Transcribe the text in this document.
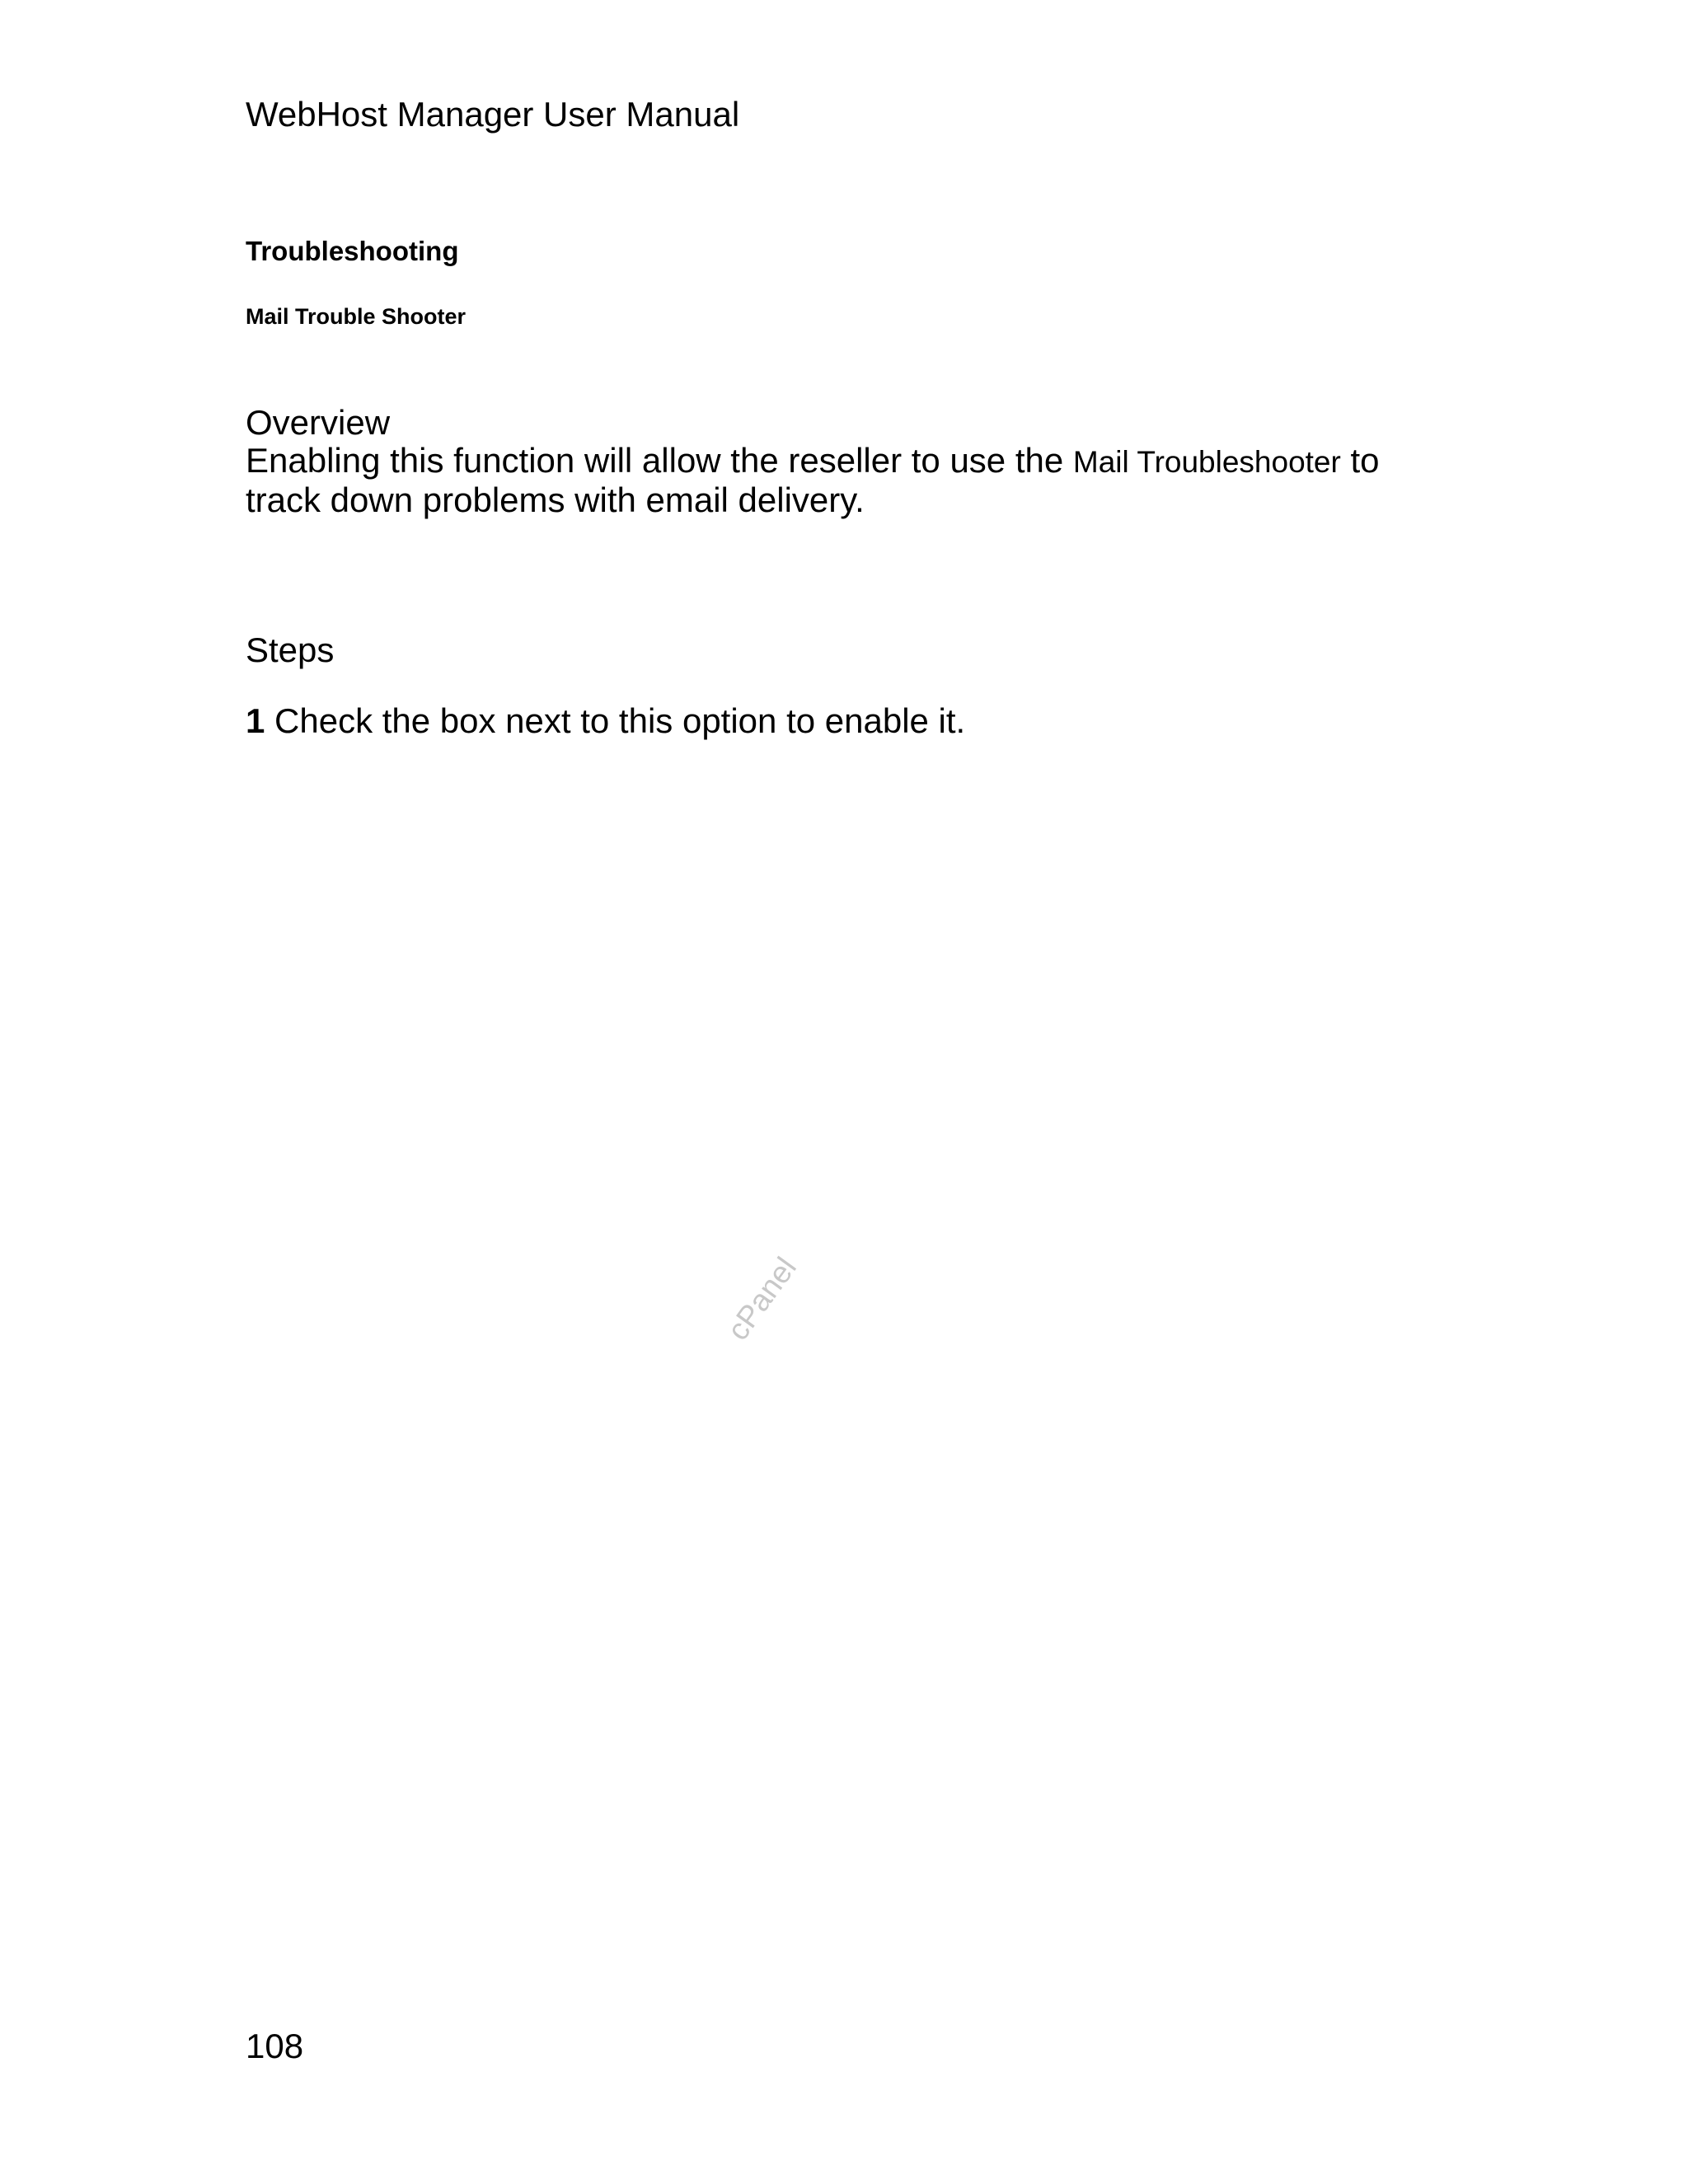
WebHost Manager User Manual
Troubleshooting
Mail Trouble Shooter
Overview
Enabling this function will allow the reseller to use the Mail Troubleshooter to track down problems with email delivery.
Steps
1 Check the box next to this option to enable it.
cPanel
108
